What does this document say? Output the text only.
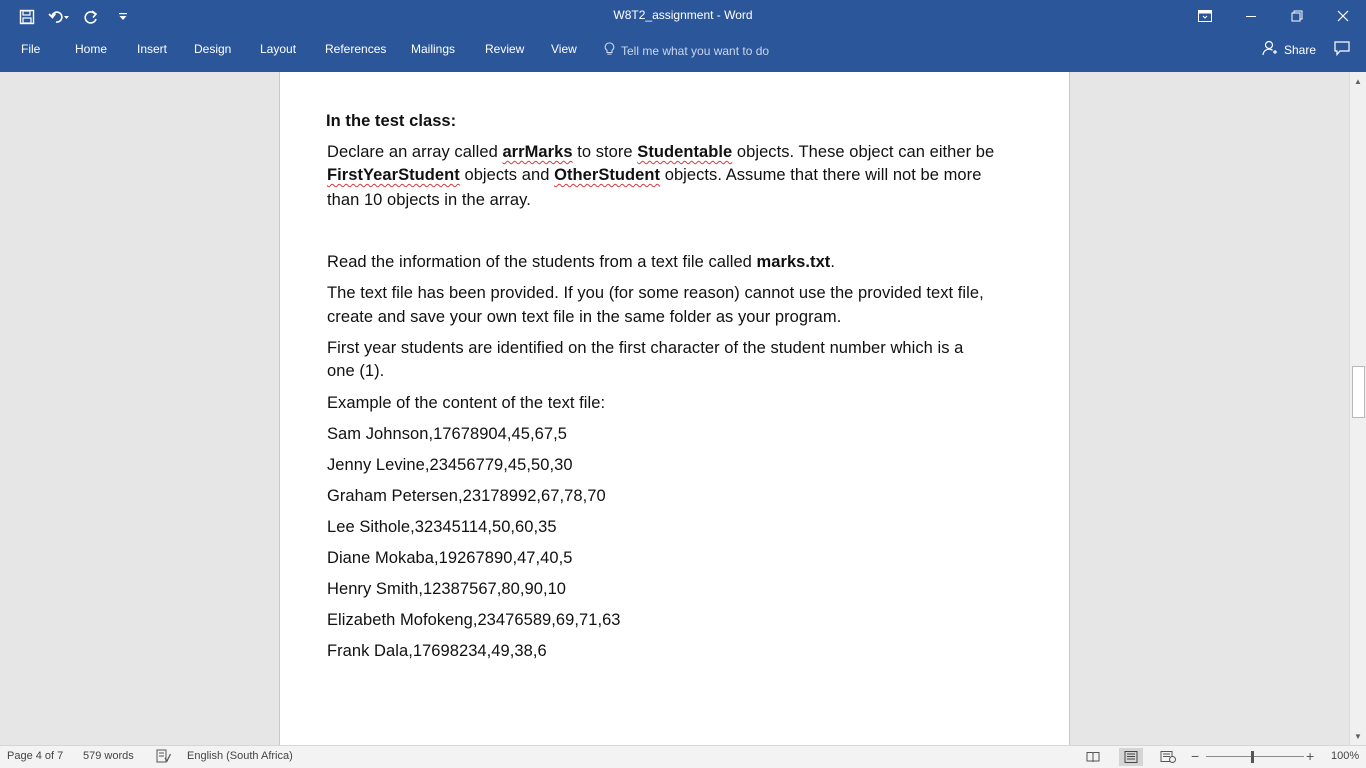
W8T2_assignment - Word
File	Home Insert Design Layout References Mailings Review View	Tell me what you want to do	Share
In the test class:
Declare an array called arrMarks to store Studentable objects. These object can either be
FirstYearStudent objects and OtherStudent objects. Assume that there will not be more
than 10 objects in the array.
Read the information of the students from a text file called marks.txt.
The text file has been provided. If you (for some reason) cannot use the provided text file,
create and save your own text file in the same folder as your program.
First year students are identified on the first character of the student number which is a
one (1).
Example of the content of the text file:
Sam Johnson,17678904,45,67,5
Jenny Levine,23456779,45,50,30
Graham Petersen,23178992,67,78,70
Lee Sithole,32345114,50,60,35
Diane Mokaba,19267890,47,40,5
Henry Smith,12387567,80,90,10
Elizabeth Mofokeng,23476589,69,71,63
Frank Dala,17698234,49,38,6
▲
▼
Page 4 of 7 579 words	English (South Africa)	−	+ 100%
